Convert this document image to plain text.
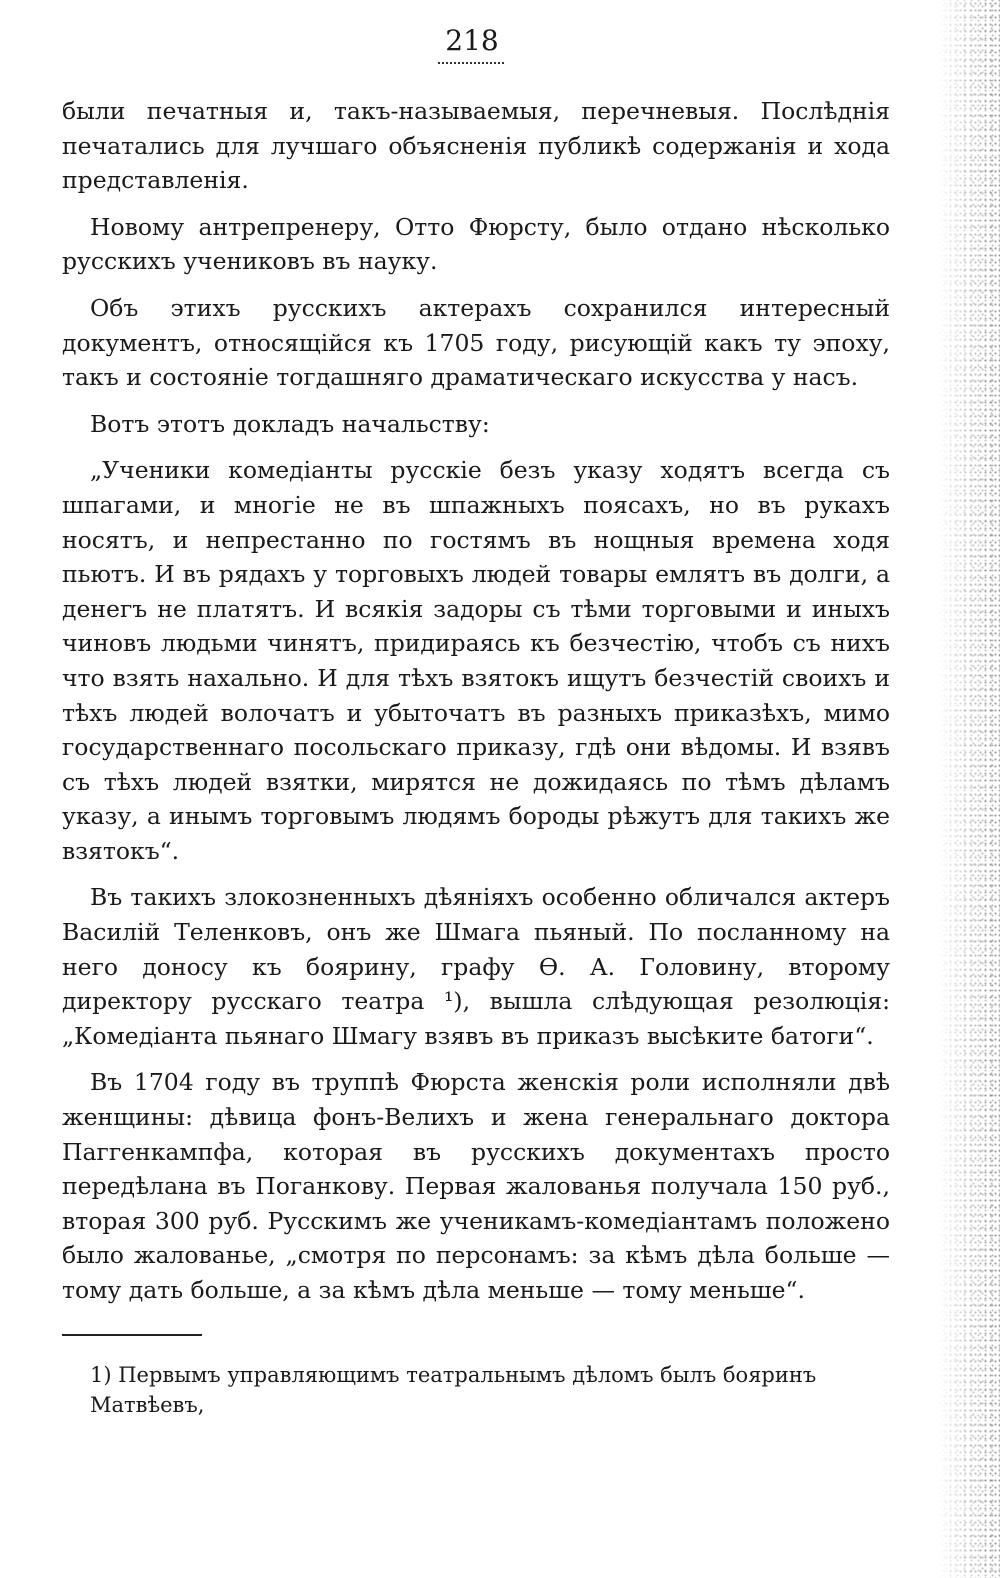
218

были печатныя и, такъ-называемыя, перечневыя. Послѣднія печатались для лучшаго объясненія публикѣ содержанія и хода представленія.

Новому антрепренеру, Отто Фюрсту, было отдано нѣсколько русскихъ учениковъ въ науку.

Объ этихъ русскихъ актерахъ сохранился интересный документъ, относящійся къ 1705 году, рисующій какъ ту эпоху, такъ и состояніе тогдашняго драматическаго искусства у насъ.

Вотъ этотъ докладъ начальству:

„Ученики комедіанты русскіе безъ указу ходятъ всегда съ шпагами, и многіе не въ шпажныхъ поясахъ, но въ рукахъ носятъ, и непрестанно по гостямъ въ нощныя времена ходя пьютъ. И въ рядахъ у торговыхъ людей товары емлятъ въ долги, а денегъ не платятъ. И всякія задоры съ тѣми торговыми и иныхъ чиновъ людьми чинятъ, придираясь къ безчестію, чтобъ съ нихъ что взять нахально. И для тѣхъ взятокъ ищутъ безчестій своихъ и тѣхъ людей волочатъ и убыточатъ въ разныхъ приказѣхъ, мимо государственнаго посольскаго приказу, гдѣ они вѣдомы. И взявъ съ тѣхъ людей взятки, мирятся не дожидаясь по тѣмъ дѣламъ указу, а инымъ торговымъ людямъ бороды рѣжутъ для такихъ же взятокъ“.

Въ такихъ злокозненныхъ дѣяніяхъ особенно обличался актеръ Василій Теленковъ, онъ же Шмага пьяный. По посланному на него доносу къ боярину, графу Ѳ. А. Головину, второму директору русскаго театра ¹), вышла слѣдующая резолюція: „Комедіанта пьянаго Шмагу взявъ въ приказъ высѣките батоги“.

Въ 1704 году въ труппѣ Фюрста женскія роли исполняли двѣ женщины: дѣвица фонъ-Велихъ и жена генеральнаго доктора Паггенкампфа, которая въ русскихъ документахъ просто передѣлана въ Поганкову. Первая жалованья получала 150 руб., вторая 300 руб. Русскимъ же ученикамъ-комедіантамъ положено было жалованье, „смотря по персонамъ: за кѣмъ дѣла больше — тому дать больше, а за кѣмъ дѣла меньше — тому меньше“.

1) Первымъ управляющимъ театральнымъ дѣломъ былъ бояринъ Матвѣевъ,
